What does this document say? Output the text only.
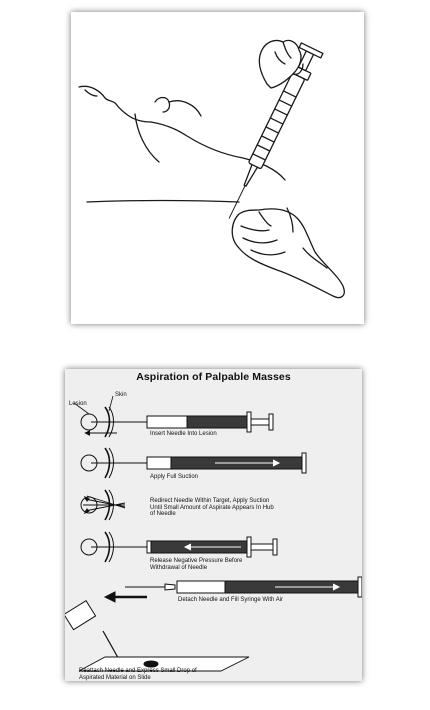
Aspiration of Palpable Masses
Lesion
Skin
Insert Needle Into Lesion
Apply Full Suction
Redirect Needle Within Target, Apply Suction
Until Small Amount of Aspirate Appears In Hub
of Needle
Release Negative Pressure Before
Withdrawal of Needle
Detach Needle and Fill Syringe With Air
Reattach Needle and Express Small Drop of
Aspirated Material on Slide
